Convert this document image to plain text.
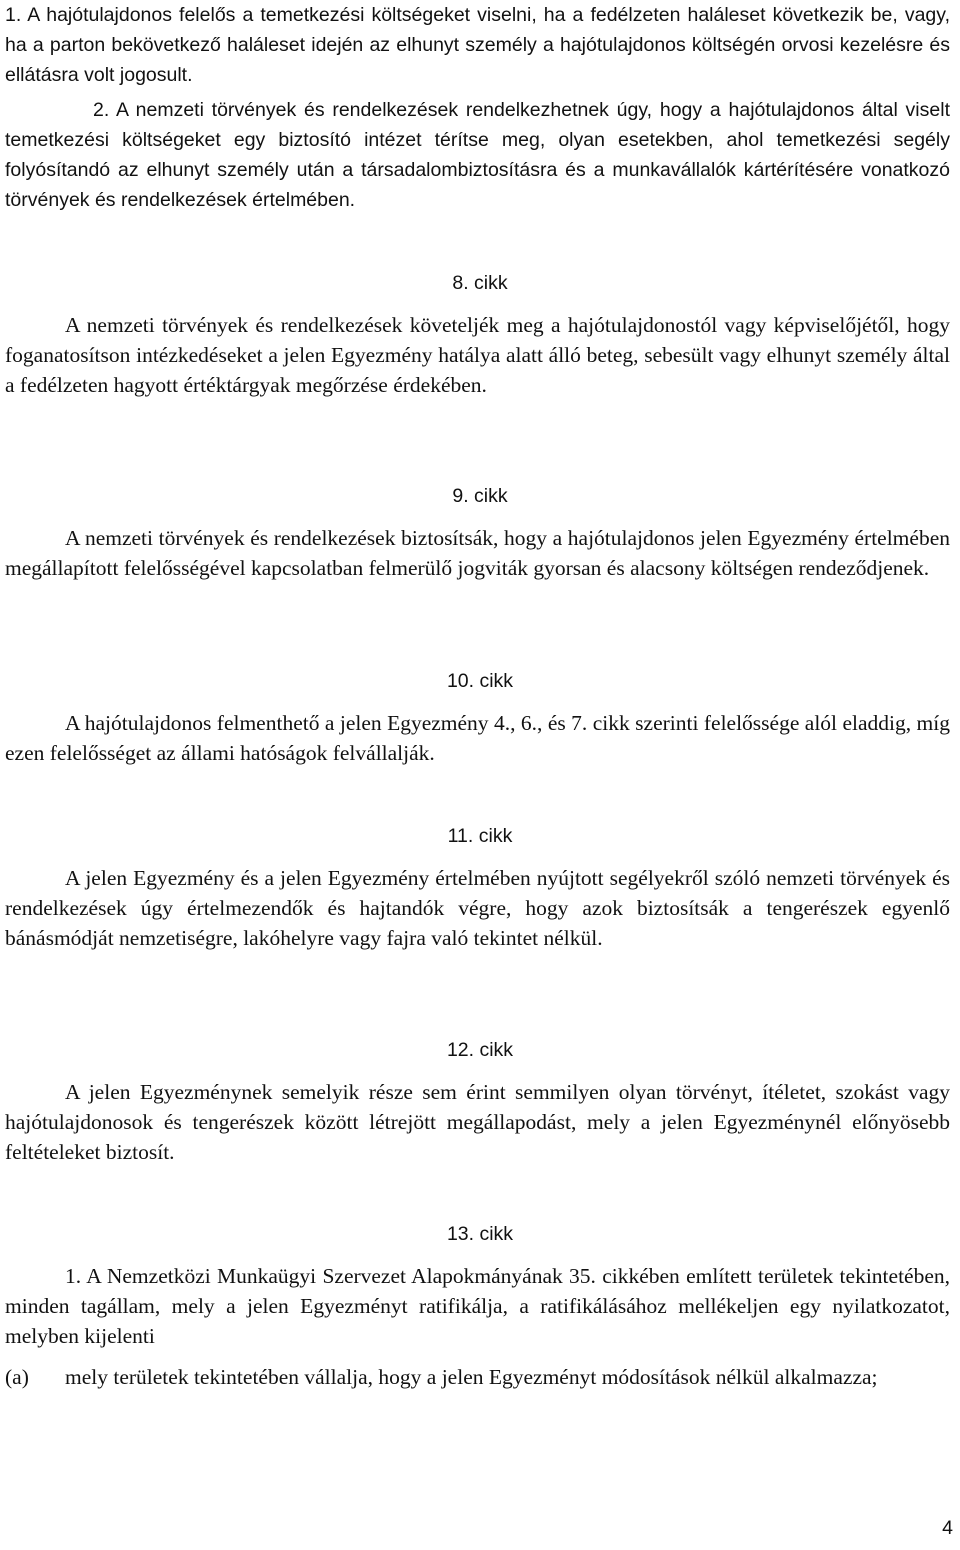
1. A hajótulajdonos felelős a temetkezési költségeket viselni, ha a fedélzeten haláleset következik be, vagy, ha a parton bekövetkező haláleset idején az elhunyt személy a hajótulajdonos költségén orvosi kezelésre és ellátásra volt jogosult.

2. A nemzeti törvények és rendelkezések rendelkezhetnek úgy, hogy a hajótulajdonos által viselt temetkezési költségeket egy biztosító intézet térítse meg, olyan esetekben, ahol temetkezési segély folyósítandó az elhunyt személy után a társadalombiztosításra és a munkavállalók kártérítésére vonatkozó törvények és rendelkezések értelmében.

8. cikk

A nemzeti törvények és rendelkezések követeljék meg a hajótulajdonostól vagy képviselőjétől, hogy foganatosítson intézkedéseket a jelen Egyezmény hatálya alatt álló beteg, sebesült vagy elhunyt személy által a fedélzeten hagyott értéktárgyak megőrzése érdekében.

9. cikk

A nemzeti törvények és rendelkezések biztosítsák, hogy a hajótulajdonos jelen Egyezmény értelmében megállapított felelősségével kapcsolatban felmerülő jogviták gyorsan és alacsony költségen rendeződjenek.

10. cikk

A hajótulajdonos felmenthető a jelen Egyezmény 4., 6., és 7. cikk szerinti felelőssége alól eladdig, míg ezen felelősséget az állami hatóságok felvállalják.

11. cikk

A jelen Egyezmény és a jelen Egyezmény értelmében nyújtott segélyekről szóló nemzeti törvények és rendelkezések úgy értelmezendők és hajtandók végre, hogy azok biztosítsák a tengerészek egyenlő bánásmódját nemzetiségre, lakóhelyre vagy fajra való tekintet nélkül.

12. cikk

A jelen Egyezménynek semelyik része sem érint semmilyen olyan törvényt, ítéletet, szokást vagy hajótulajdonosok és tengerészek között létrejött megállapodást, mely a jelen Egyezménynél előnyösebb feltételeket biztosít.

13. cikk

1. A Nemzetközi Munkaügyi Szervezet Alapokmányának 35. cikkében említett területek tekintetében, minden tagállam, mely a jelen Egyezményt ratifikálja, a ratifikálásához mellékeljen egy nyilatkozatot, melyben kijelenti

(a) mely területek tekintetében vállalja, hogy a jelen Egyezményt módosítások nélkül alkalmazza;

4
